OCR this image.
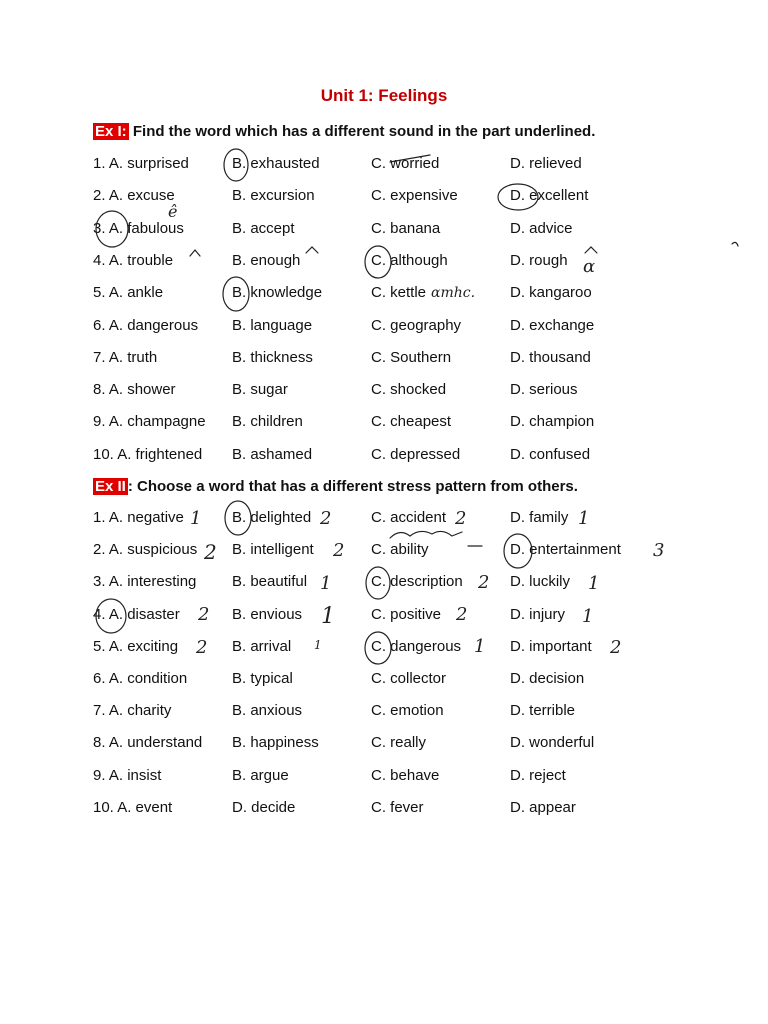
Unit 1: Feelings
Ex I: Find the word which has a different sound in the part underlined.
1. A. surprised	B. exhausted	C. worried	D. relieved
2. A. excuse	B. excursion	C. expensive	D. excellent
3. A. fabulous	B. accept	C. banana	D. advice
4. A. trouble	B. enough	C. although	D. rough
5. A. ankle	B. knowledge	C. kettle	D. kangaroo
6. A. dangerous B. language	C. geography	D. exchange
7. A. truth	B. thickness	C. Southern	D. thousand
8. A. shower	B. sugar	C. shocked	D. serious
9. A. champagne B. children	C. cheapest	D. champion
10. A. frightened B. ashamed	C. depressed	D. confused
Ex II : Choose a word that has a different stress pattern from others.
1. A. negative	B. delighted	C. accident	D. family
2. A. suspicious B. intelligent	C. ability	D. entertainment
3. A. interesting B. beautiful	C. description	D. luckily
4. A. disaster	B. envious	C. positive	D. injury
5. A. exciting	B. arrival	C. dangerous	D. important
6. A. condition	B. typical	C. collector	D. decision
7. A. charity	B. anxious	C. emotion	D. terrible
8. A. understand B. happiness	C. really	D. wonderful
9. A. insist	B. argue	C. behave	D. reject
10. A. event	D. decide	C. fever	D. appear
ê
ɑ
ɑmhc.
1	2	2	1
2	2	3
1	1
2
1
2	1
2
1
2	1	2
